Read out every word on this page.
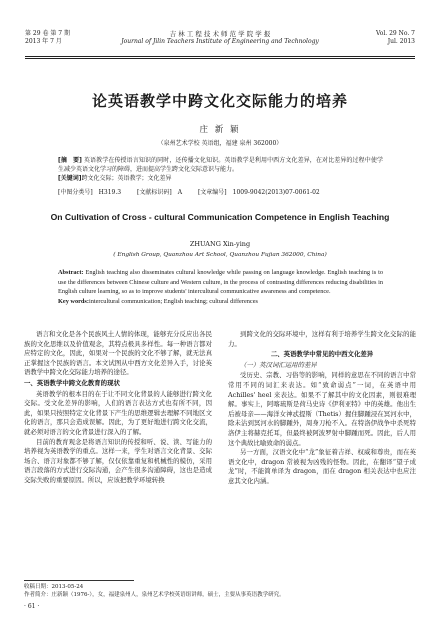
第 29 卷 第 7 期
2013 年 7 月
吉 林 工 程 技 术 师 范 学 院 学 报
Journal of Jilin Teachers Institute of Engineering and Technology
Vol. 29 No. 7
Jul. 2013
论英语教学中跨文化交际能力的培养
庄 新 颖
（泉州艺术学校 英语组，福建 泉州 362000）

[摘　要] 英语教学在传授语言知识的同时，还传播文化知识。英语教学是利用中西方文化差异，在对比差异的过程中使学生减少英语文化学习的障碍，进而提高学生跨文化交际意识与能力。

[关键词]跨文化交际；英语教学；文化差异

[中图分类号]　H319.3	[文献标识码]　A	[文章编号]　1009-9042(2013)07-0061-02
On Cultivation of Cross - cultural Communication Competence in English Teaching
ZHUANG Xin-ying
( English Group, Quanzhou Art School, Quanzhou Fujian 362000, China)

Abstract: English teaching also disseminates cultural knowledge while passing on language knowledge. English teaching is to use the differences between Chinese culture and Western culture, in the process of contrasting differences reducing disabilities in English culture learning, so as to improve students' intercultural communicative awareness and competence.

Key words:intercultural communication; English teaching; cultural differences

语言和文化是各个民族风土人情的体现，能够充分反应出各民族的文化思维以及价值观念，其特点极具多样性。每一种语言都对应特定的文化，因此，如果对一个民族的文化不够了解，就无法真正掌握这个民族的语言。本文试图从中西方文化差异入手，讨论英语教学中跨文化交际能力培养的途径。

一、英语教学中跨文化教育的现状

英语教学的根本目的在于让不同文化背景的人能够进行跨文化交际。受文化差异的影响，人们的语言表达方式也有所不同，因此，如果只按照特定文化背景下产生的思维逻辑去理解不同地区文化的语言，那只会造成误解。因此，为了更好地进行跨文化交流，就必须对语言的文化背景进行深入的了解。

目前的教育观念是将语言知识的传授和听、说、读、写能力的培养视为英语教学的重点。这样一来，学生对语言文化背景、交际场合、语言对象都不够了解，仅仅依靠重复和机械性的模仿，采用语言段落的方式进行交际沟通，会产生很多沟通障碍，这也是造成交际失败的重要原因。所以，应该把教学环境转换

到跨文化的交际环境中，这样有利于培养学生跨文化交际的能力。

二、英语教学中常见的中西文化差异

（一）英汉词汇运用的差异

受历史、宗教、习俗等的影响，同样的意思在不同的语言中常常用不同的词汇来表达。如“致命弱点”一词，在英语中用 Achilles' heel 来表达。如果不了解其中的文化因素，则很难理解。事实上，阿喀琉斯是荷马史诗《伊利亚特》中的英雄。他出生后被母亲——海洋女神忒提斯（Thetis）握住脚踵浸在冥河水中，除未沾到冥河水的脚踵外，周身刀枪不入。在特洛伊战争中杀死特洛伊主将赫克托耳，但最终被阿波罗射中脚踵而死。因此，后人用这个典故比喻致命的弱点。

另一方面，汉语文化中“龙”象征着吉祥、权威和尊贵，而在英语文化中，dragon 常被视为凶残的怪物。因此，在翻译“望子成龙”时，不能简单译为 dragon，而在 dragon 相关表达中也应注意其文化内涵。

收稿日期：2013-05-24

作者简介：庄新颖（1976-），女，福建泉州人，泉州艺术学校英语组讲师，硕士，主要从事英语教学研究。

· 61 ·
